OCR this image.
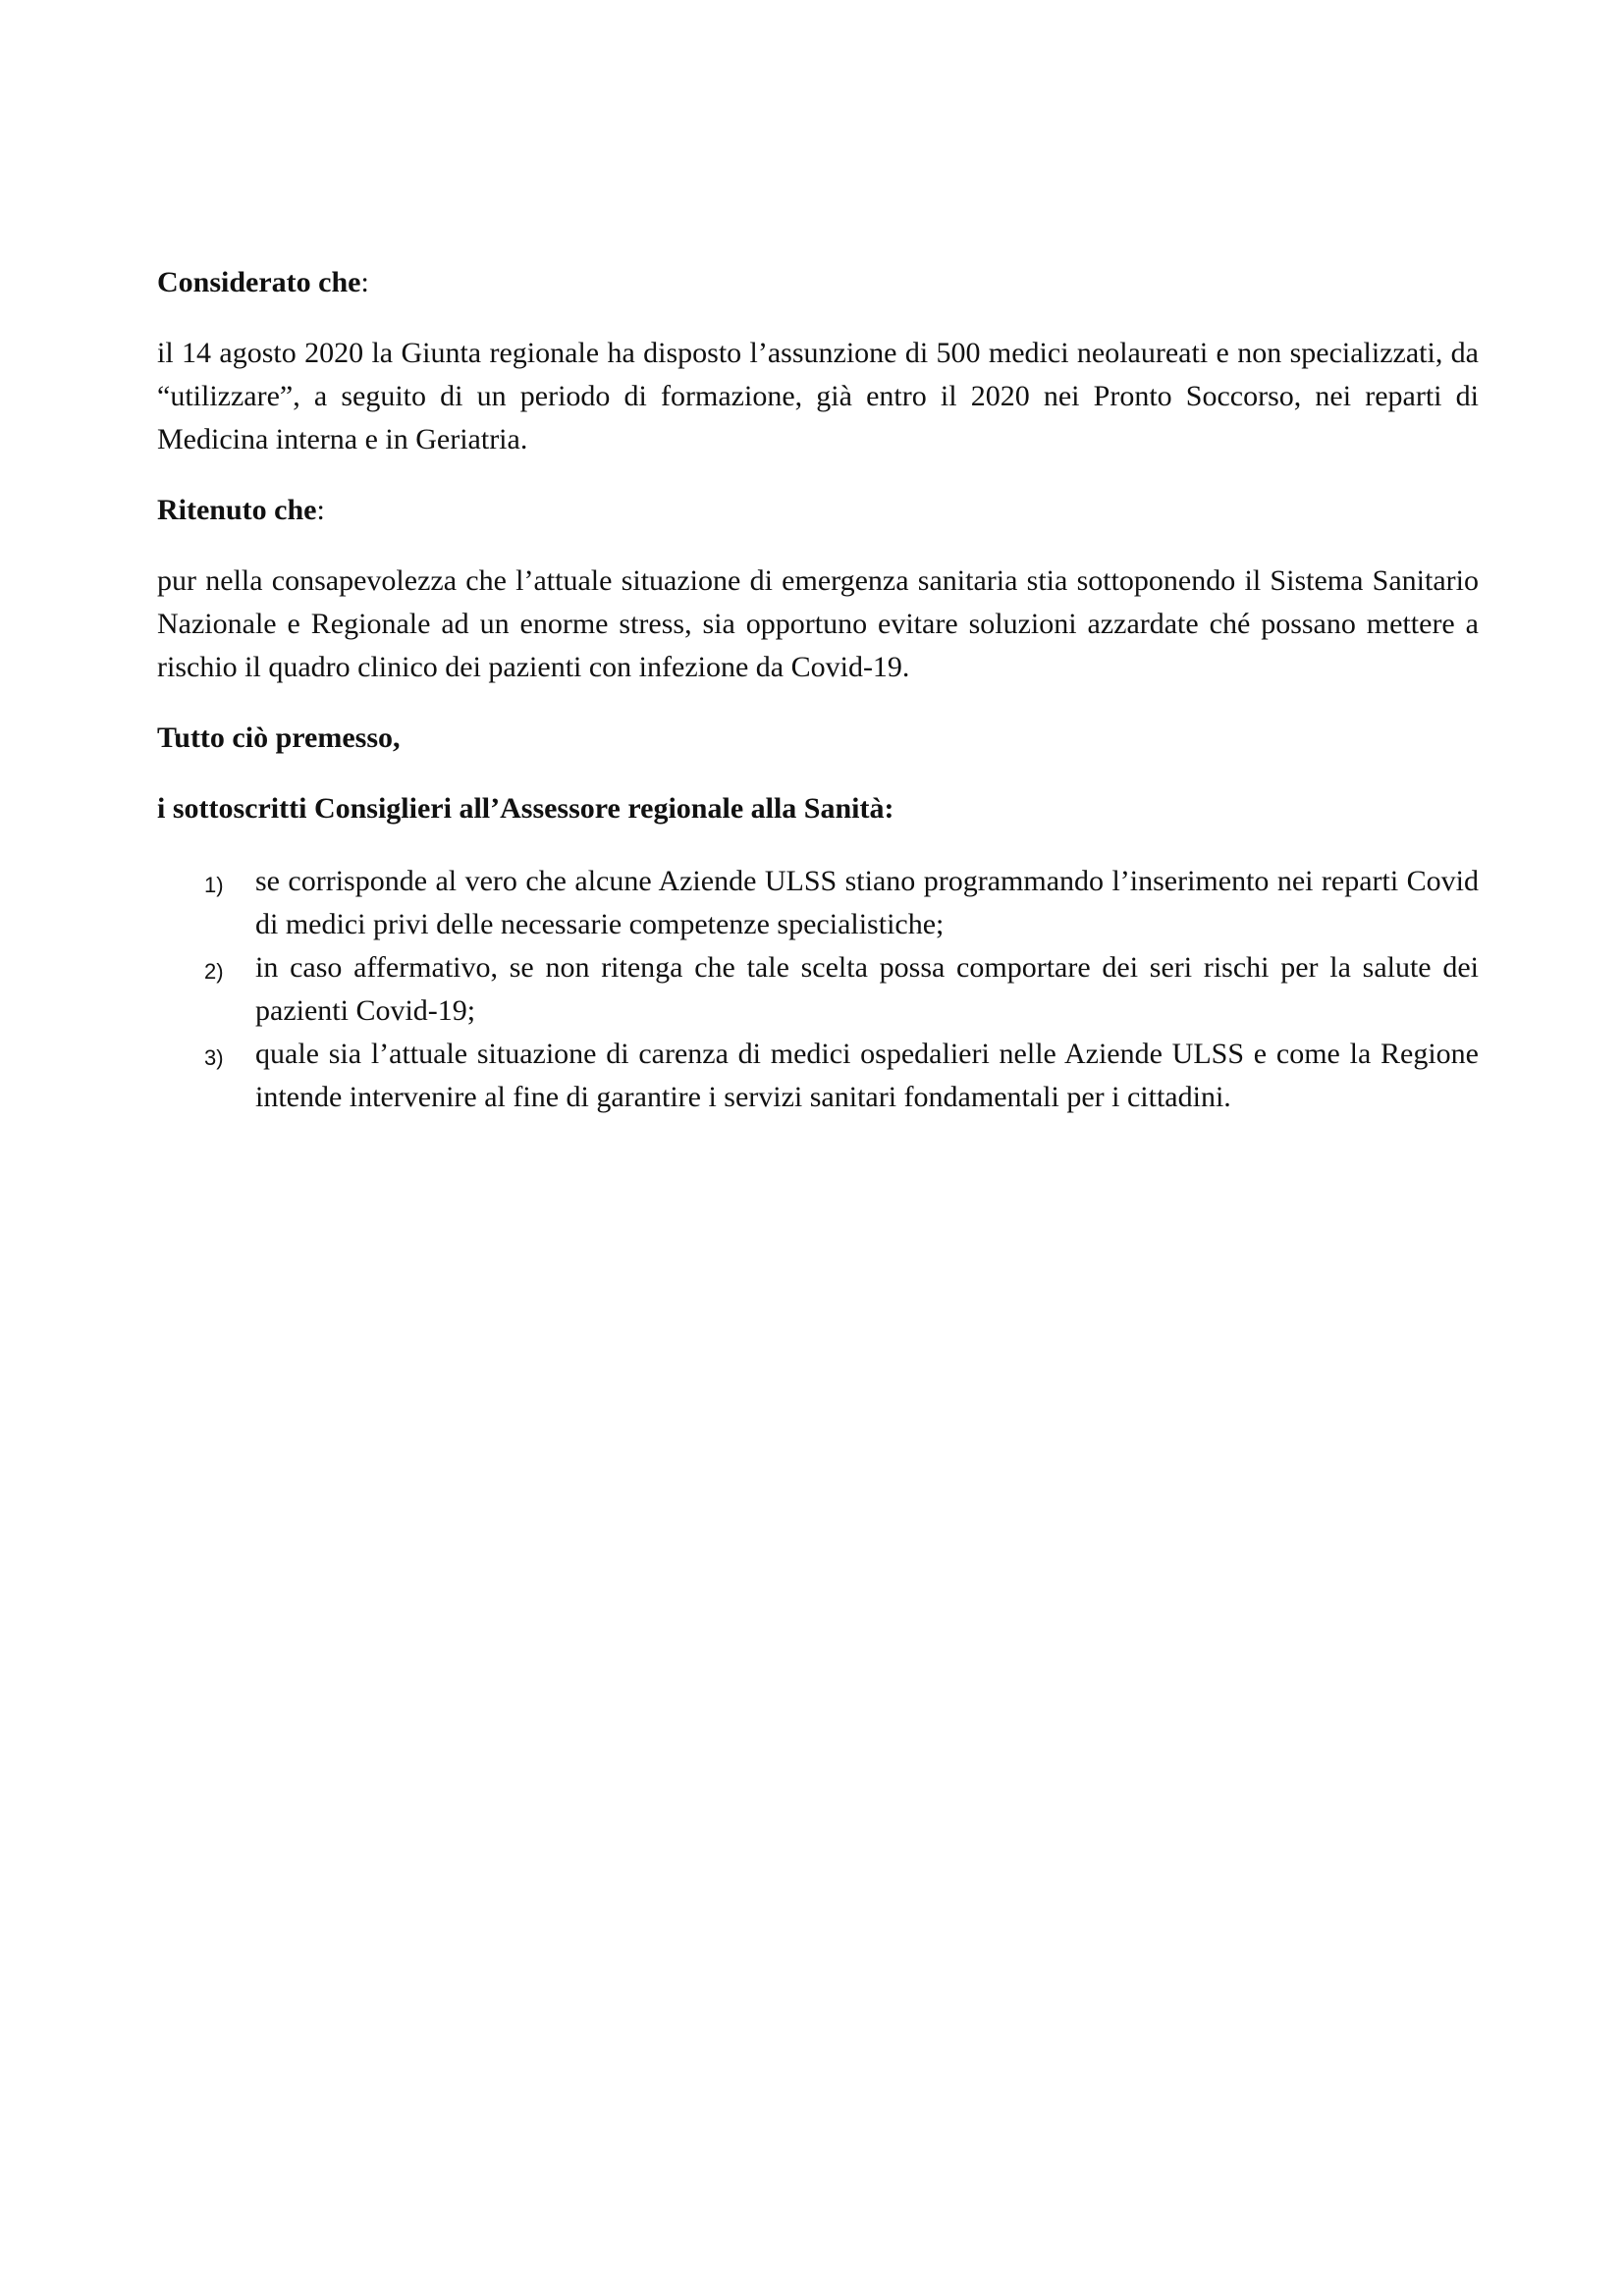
Considerato che:

il 14 agosto 2020 la Giunta regionale ha disposto l’assunzione di 500 medici neolaureati e non specializzati, da “utilizzare”, a seguito di un periodo di formazione, già entro il 2020 nei Pronto Soccorso, nei reparti di Medicina interna e in Geriatria.

Ritenuto che:

pur nella consapevolezza che l’attuale situazione di emergenza sanitaria stia sottoponendo il Sistema Sanitario Nazionale e Regionale ad un enorme stress, sia opportuno evitare soluzioni azzardate ché possano mettere a rischio il quadro clinico dei pazienti con infezione da Covid-19.

Tutto ciò premesso,
i sottoscritti Consiglieri all’Assessore regionale alla Sanità:
1) se corrisponde al vero che alcune Aziende ULSS stiano programmando l’inserimento nei reparti Covid di medici privi delle necessarie competenze specialistiche;
2) in caso affermativo, se non ritenga che tale scelta possa comportare dei seri rischi per la salute dei pazienti Covid-19;
3) quale sia l’attuale situazione di carenza di medici ospedalieri nelle Aziende ULSS e come la Regione intende intervenire al fine di garantire i servizi sanitari fondamentali per i cittadini.
